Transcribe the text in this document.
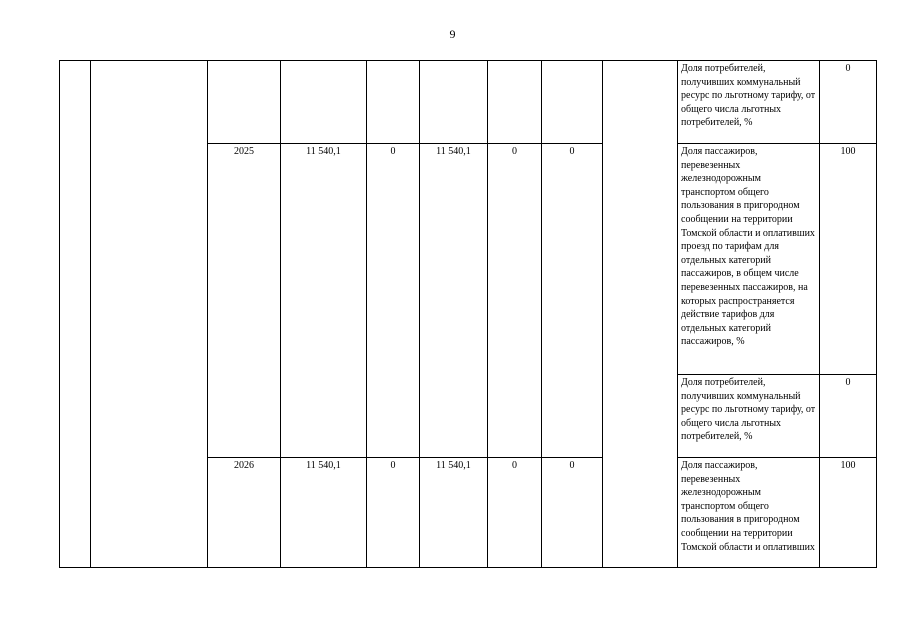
9
									Доля потребителей, получивших коммунальный ресурс по льготному тарифу, от общего числа льготных потребителей, %	0
		2025	11 540,1	0	11 540,1	0	0		Доля пассажиров, перевезенных железнодорожным транспортом общего пользования в пригородном сообщении на территории Томской области и оплативших проезд по тарифам для отдельных категорий пассажиров, в общем числе перевезенных пассажиров, на которых распространяется действие тарифов для отдельных категорий пассажиров, %	100
									Доля потребителей, получивших коммунальный ресурс по льготному тарифу, от общего числа льготных потребителей, %	0
		2026	11 540,1	0	11 540,1	0	0		Доля пассажиров, перевезенных железнодорожным транспортом общего пользования в пригородном сообщении на территории Томской области и оплативших	100
